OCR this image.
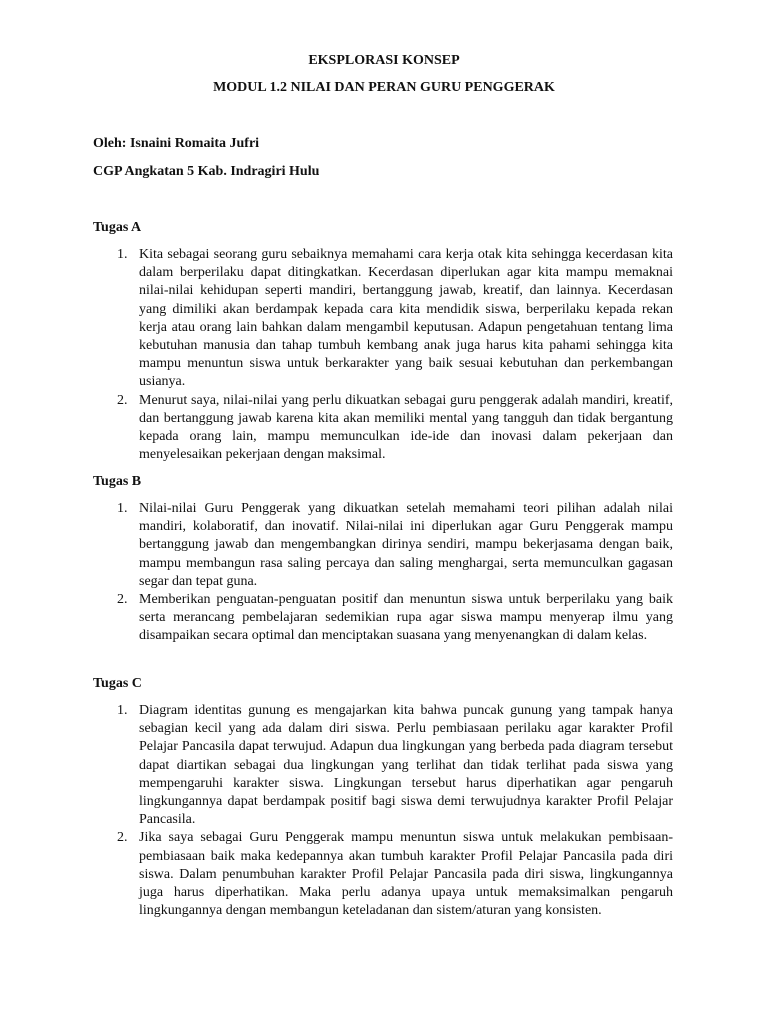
EKSPLORASI KONSEP
MODUL 1.2 NILAI DAN PERAN GURU PENGGERAK
Oleh: Isnaini Romaita Jufri
CGP Angkatan 5 Kab. Indragiri Hulu
Tugas A
1. Kita sebagai seorang guru sebaiknya memahami cara kerja otak kita sehingga kecerdasan kita dalam berperilaku dapat ditingkatkan. Kecerdasan diperlukan agar kita mampu memaknai nilai-nilai kehidupan seperti mandiri, bertanggung jawab, kreatif, dan lainnya. Kecerdasan yang dimiliki akan berdampak kepada cara kita mendidik siswa, berperilaku kepada rekan kerja atau orang lain bahkan dalam mengambil keputusan. Adapun pengetahuan tentang lima kebutuhan manusia dan tahap tumbuh kembang anak juga harus kita pahami sehingga kita mampu menuntun siswa untuk berkarakter yang baik sesuai kebutuhan dan perkembangan usianya.
2. Menurut saya, nilai-nilai yang perlu dikuatkan sebagai guru penggerak adalah mandiri, kreatif, dan bertanggung jawab karena kita akan memiliki mental yang tangguh dan tidak bergantung kepada orang lain, mampu memunculkan ide-ide dan inovasi dalam pekerjaan dan menyelesaikan pekerjaan dengan maksimal.
Tugas B
1. Nilai-nilai Guru Penggerak yang dikuatkan setelah memahami teori pilihan adalah nilai mandiri, kolaboratif, dan inovatif. Nilai-nilai ini diperlukan agar Guru Penggerak mampu bertanggung jawab dan mengembangkan dirinya sendiri, mampu bekerjasama dengan baik, mampu membangun rasa saling percaya dan saling menghargai, serta memunculkan gagasan segar dan tepat guna.
2. Memberikan penguatan-penguatan positif dan menuntun siswa untuk berperilaku yang baik serta merancang pembelajaran sedemikian rupa agar siswa mampu menyerap ilmu yang disampaikan secara optimal dan menciptakan suasana yang menyenangkan di dalam kelas.
Tugas C
1. Diagram identitas gunung es mengajarkan kita bahwa puncak gunung yang tampak hanya sebagian kecil yang ada dalam diri siswa. Perlu pembiasaan perilaku agar karakter Profil Pelajar Pancasila dapat terwujud. Adapun dua lingkungan yang berbeda pada diagram tersebut dapat diartikan sebagai dua lingkungan yang terlihat dan tidak terlihat pada siswa yang mempengaruhi karakter siswa. Lingkungan tersebut harus diperhatikan agar pengaruh lingkungannya dapat berdampak positif bagi siswa demi terwujudnya karakter Profil Pelajar Pancasila.
2. Jika saya sebagai Guru Penggerak mampu menuntun siswa untuk melakukan pembisaan-pembiasaan baik maka kedepannya akan tumbuh karakter Profil Pelajar Pancasila pada diri siswa. Dalam penumbuhan karakter Profil Pelajar Pancasila pada diri siswa, lingkungannya juga harus diperhatikan. Maka perlu adanya upaya untuk memaksimalkan pengaruh lingkungannya dengan membangun keteladanan dan sistem/aturan yang konsisten.
